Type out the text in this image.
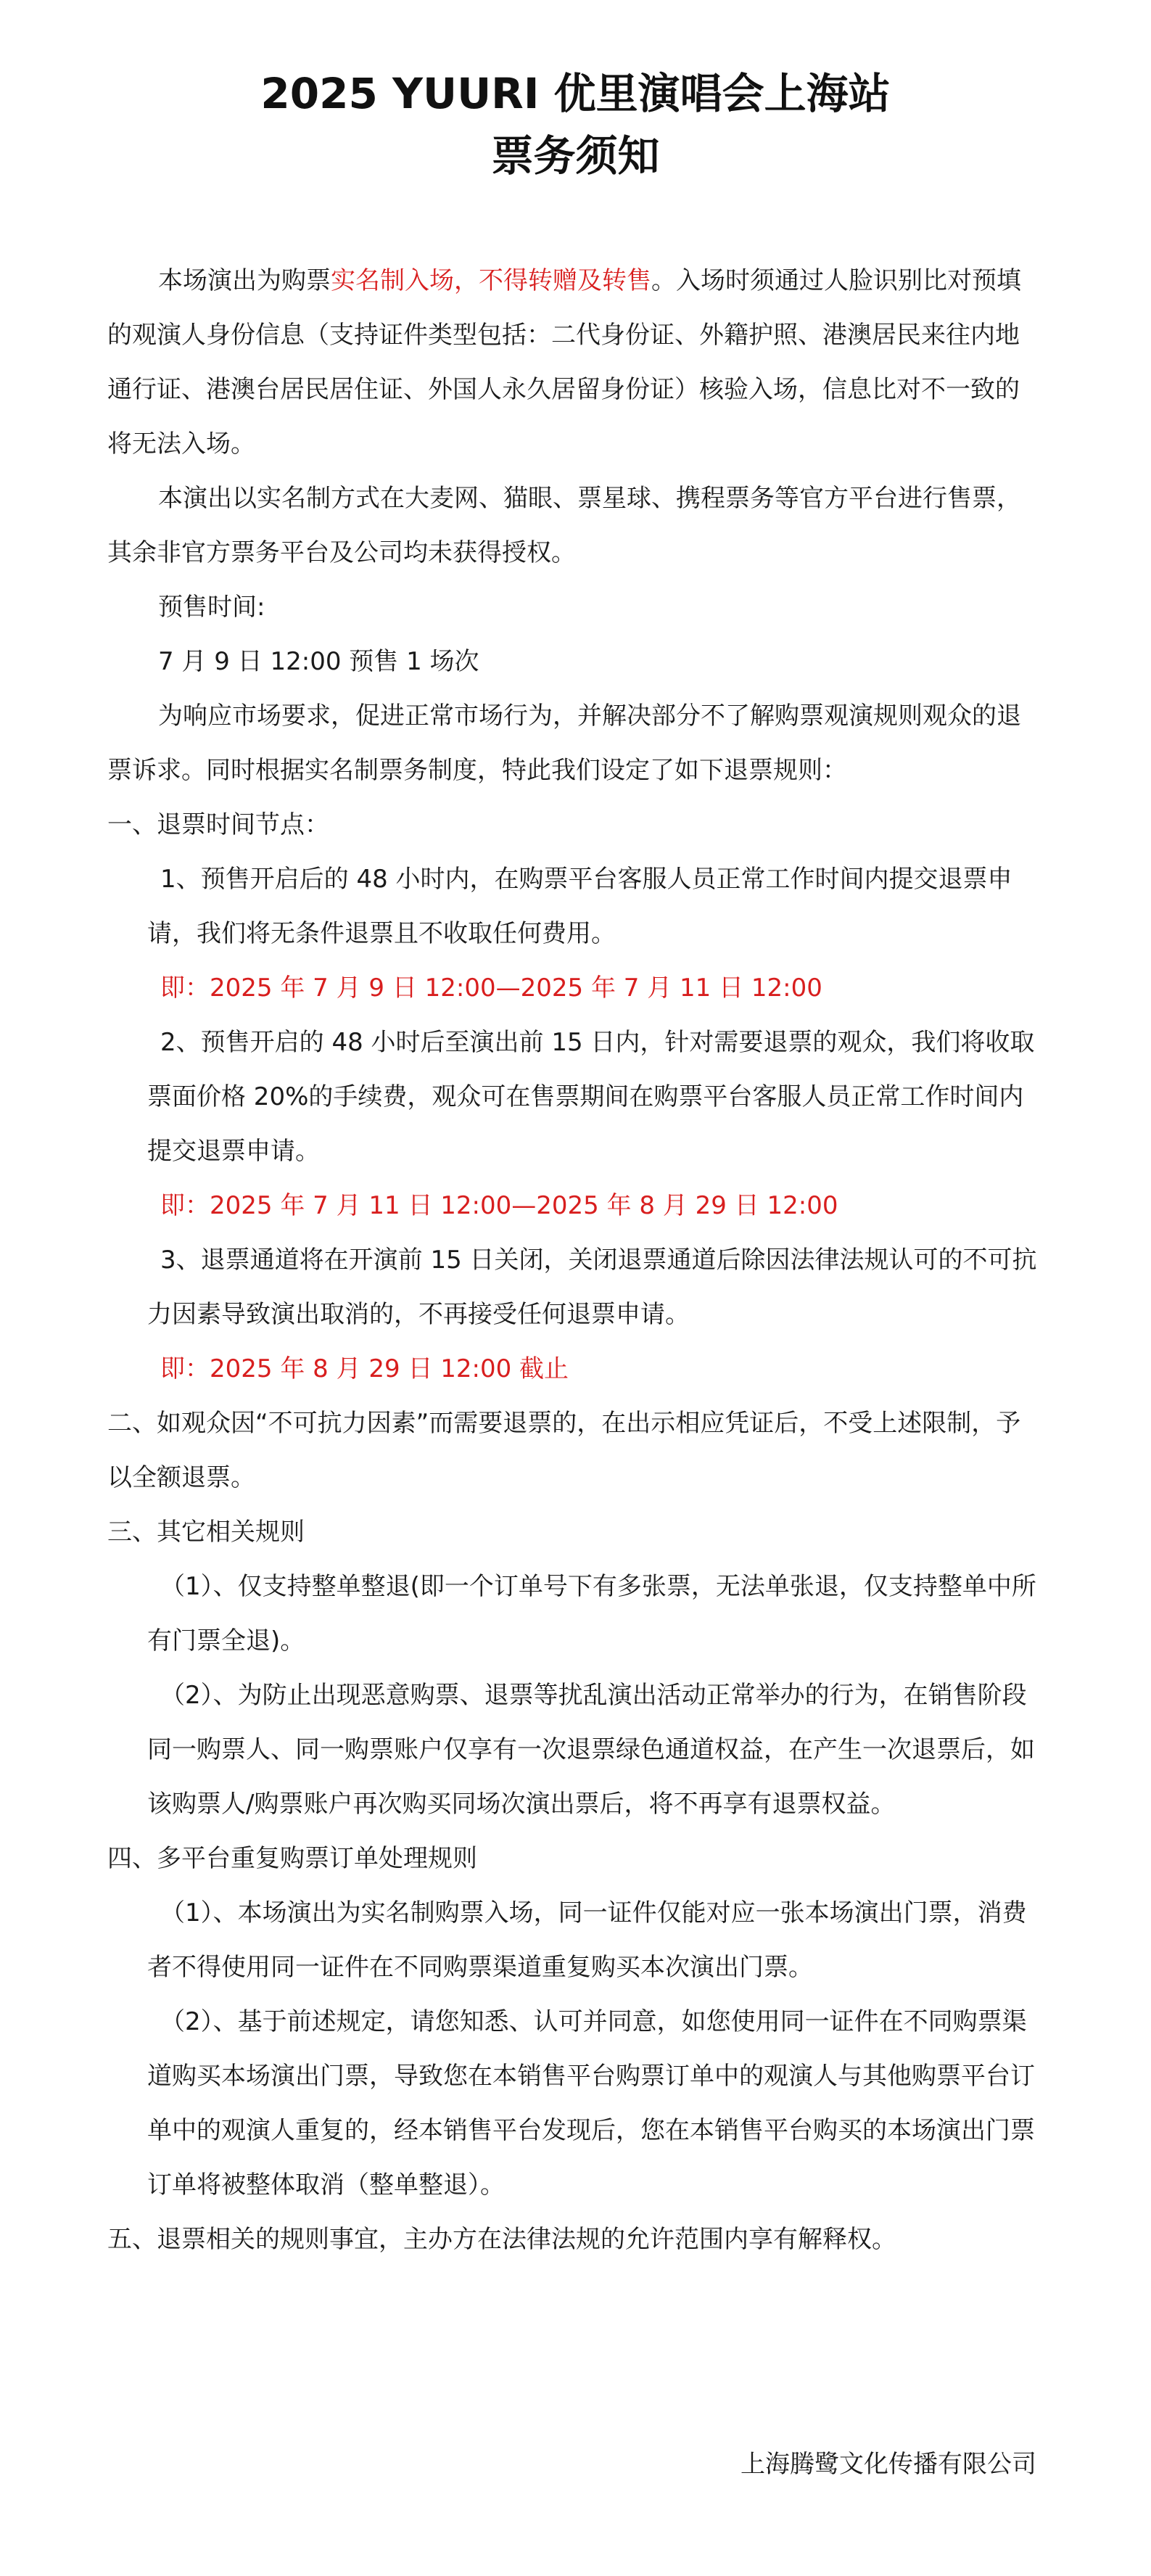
2025 YUURI 优里演唱会上海站
票务须知

本场演出为购票实名制入场，不得转赠及转售。入场时须通过人脸识别比对预填的观演人身份信息（支持证件类型包括：二代身份证、外籍护照、港澳居民来往内地通行证、港澳台居民居住证、外国人永久居留身份证）核验入场，信息比对不一致的将无法入场。

本演出以实名制方式在大麦网、猫眼、票星球、携程票务等官方平台进行售票，其余非官方票务平台及公司均未获得授权。

预售时间:

7 月 9 日 12:00 预售 1 场次

为响应市场要求，促进正常市场行为，并解决部分不了解购票观演规则观众的退票诉求。同时根据实名制票务制度，特此我们设定了如下退票规则：

一、退票时间节点：

1、预售开启后的 48 小时内，在购票平台客服人员正常工作时间内提交退票申请，我们将无条件退票且不收取任何费用。

即：2025 年 7 月 9 日 12:00—2025 年 7 月 11 日 12:00

2、预售开启的 48 小时后至演出前 15 日内，针对需要退票的观众，我们将收取票面价格 20%的手续费，观众可在售票期间在购票平台客服人员正常工作时间内提交退票申请。

即：2025 年 7 月 11 日 12:00—2025 年 8 月 29 日 12:00

3、退票通道将在开演前 15 日关闭，关闭退票通道后除因法律法规认可的不可抗力因素导致演出取消的，不再接受任何退票申请。

即：2025 年 8 月 29 日 12:00 截止

二、如观众因“不可抗力因素”而需要退票的，在出示相应凭证后，不受上述限制，予以全额退票。

三、其它相关规则

（1）、仅支持整单整退(即一个订单号下有多张票，无法单张退，仅支持整单中所有门票全退)。

（2）、为防止出现恶意购票、退票等扰乱演出活动正常举办的行为，在销售阶段同一购票人、同一购票账户仅享有一次退票绿色通道权益，在产生一次退票后，如该购票人/购票账户再次购买同场次演出票后，将不再享有退票权益。

四、多平台重复购票订单处理规则

（1）、本场演出为实名制购票入场，同一证件仅能对应一张本场演出门票，消费者不得使用同一证件在不同购票渠道重复购买本次演出门票。

（2）、基于前述规定，请您知悉、认可并同意，如您使用同一证件在不同购票渠道购买本场演出门票，导致您在本销售平台购票订单中的观演人与其他购票平台订单中的观演人重复的，经本销售平台发现后，您在本销售平台购买的本场演出门票订单将被整体取消（整单整退）。

五、退票相关的规则事宜，主办方在法律法规的允许范围内享有解释权。

上海腾鹭文化传播有限公司
